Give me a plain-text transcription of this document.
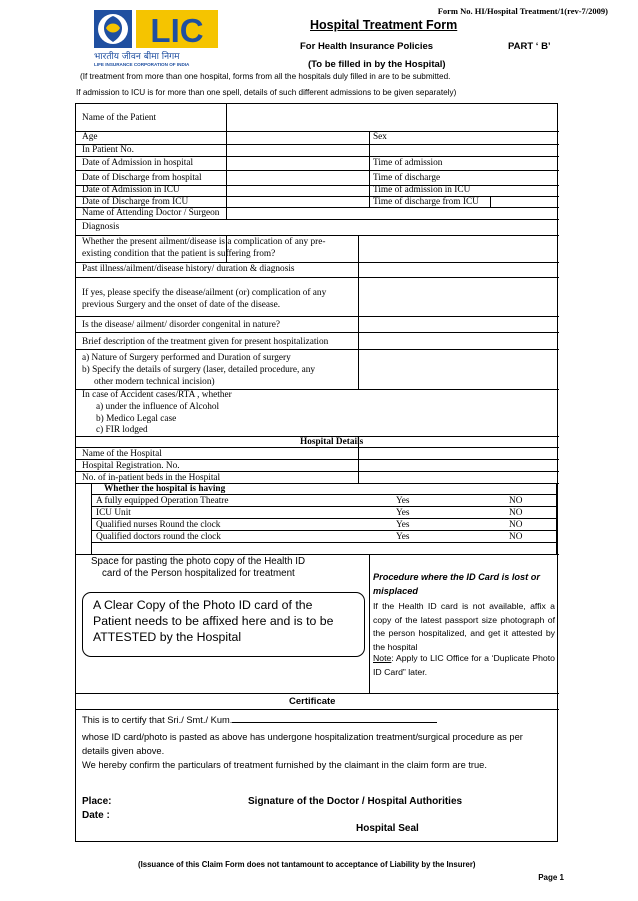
Form No. HI/Hospital Treatment/1(rev-7/2009)
LIC
भारतीय जीवन बीमा निगम
LIFE INSURANCE CORPORATION OF INDIA
Hospital Treatment Form
For Health Insurance Policies	PART ‘ B’
(To be filled in by the Hospital)
(If treatment from more than one hospital, forms from all the hospitals duly filled in are to be submitted.
If admission to ICU is for more than one spell, details of such different admissions to be given separately)
Name of the Patient
Age	Sex
In Patient No.
Date of Admission in hospital	Time of admission
Date of Discharge from hospital	Time of discharge
Date of Admission in ICU	Time of admission in ICU
Date of Discharge from ICU	Time of discharge from ICU
Name of Attending Doctor / Surgeon
Diagnosis
Whether the present ailment/disease is a complication of any pre-
existing condition that the patient is suffering from?
Past illness/ailment/disease history/ duration & diagnosis
If yes, please specify the disease/ailment (or) complication of any
previous Surgery and the onset of date of the disease.
Is the disease/ ailment/ disorder congenital in nature?
Brief description of the treatment given for present hospitalization
a) Nature of Surgery performed and Duration of surgery
b) Specify the details of surgery (laser, detailed procedure, any
other modern technical incision)
In case of Accident cases/RTA , whether
a) under the influence of Alcohol
b) Medico Legal case
c) FIR lodged
Hospital Details
Name of the Hospital
Hospital Registration. No.
No. of in-patient beds in the Hospital
Whether the hospital is having
A fully equipped Operation Theatre	Yes	NO
ICU Unit	Yes	NO
Qualified nurses Round the clock	Yes	NO
Qualified doctors round the clock	Yes	NO
Space for pasting the photo copy of the Health ID
card of the Person hospitalized for treatment	Procedure where the ID Card is lost or misplaced
If the Health ID card is not available, affix a copy of the latest passport size photograph of the person hospitalized, and get it attested by the hospital
Note: Apply to LIC Office for a ‘Duplicate Photo ID Card” later.
Certificate
This is to certify that Sri./ Smt./ Kum.
whose ID card/photo is pasted as above has undergone hospitalization treatment/surgical procedure as per details given above.
We hereby confirm the particulars of treatment furnished by the claimant in the claim form are true.
Place:
Date :
Signature of the Doctor / Hospital Authorities
Hospital Seal
A Clear Copy of the Photo ID card of the Patient needs to be affixed here and is to be ATTESTED by the Hospital
(Issuance of this Claim Form does not tantamount to acceptance of Liability by the Insurer)
Page 1
